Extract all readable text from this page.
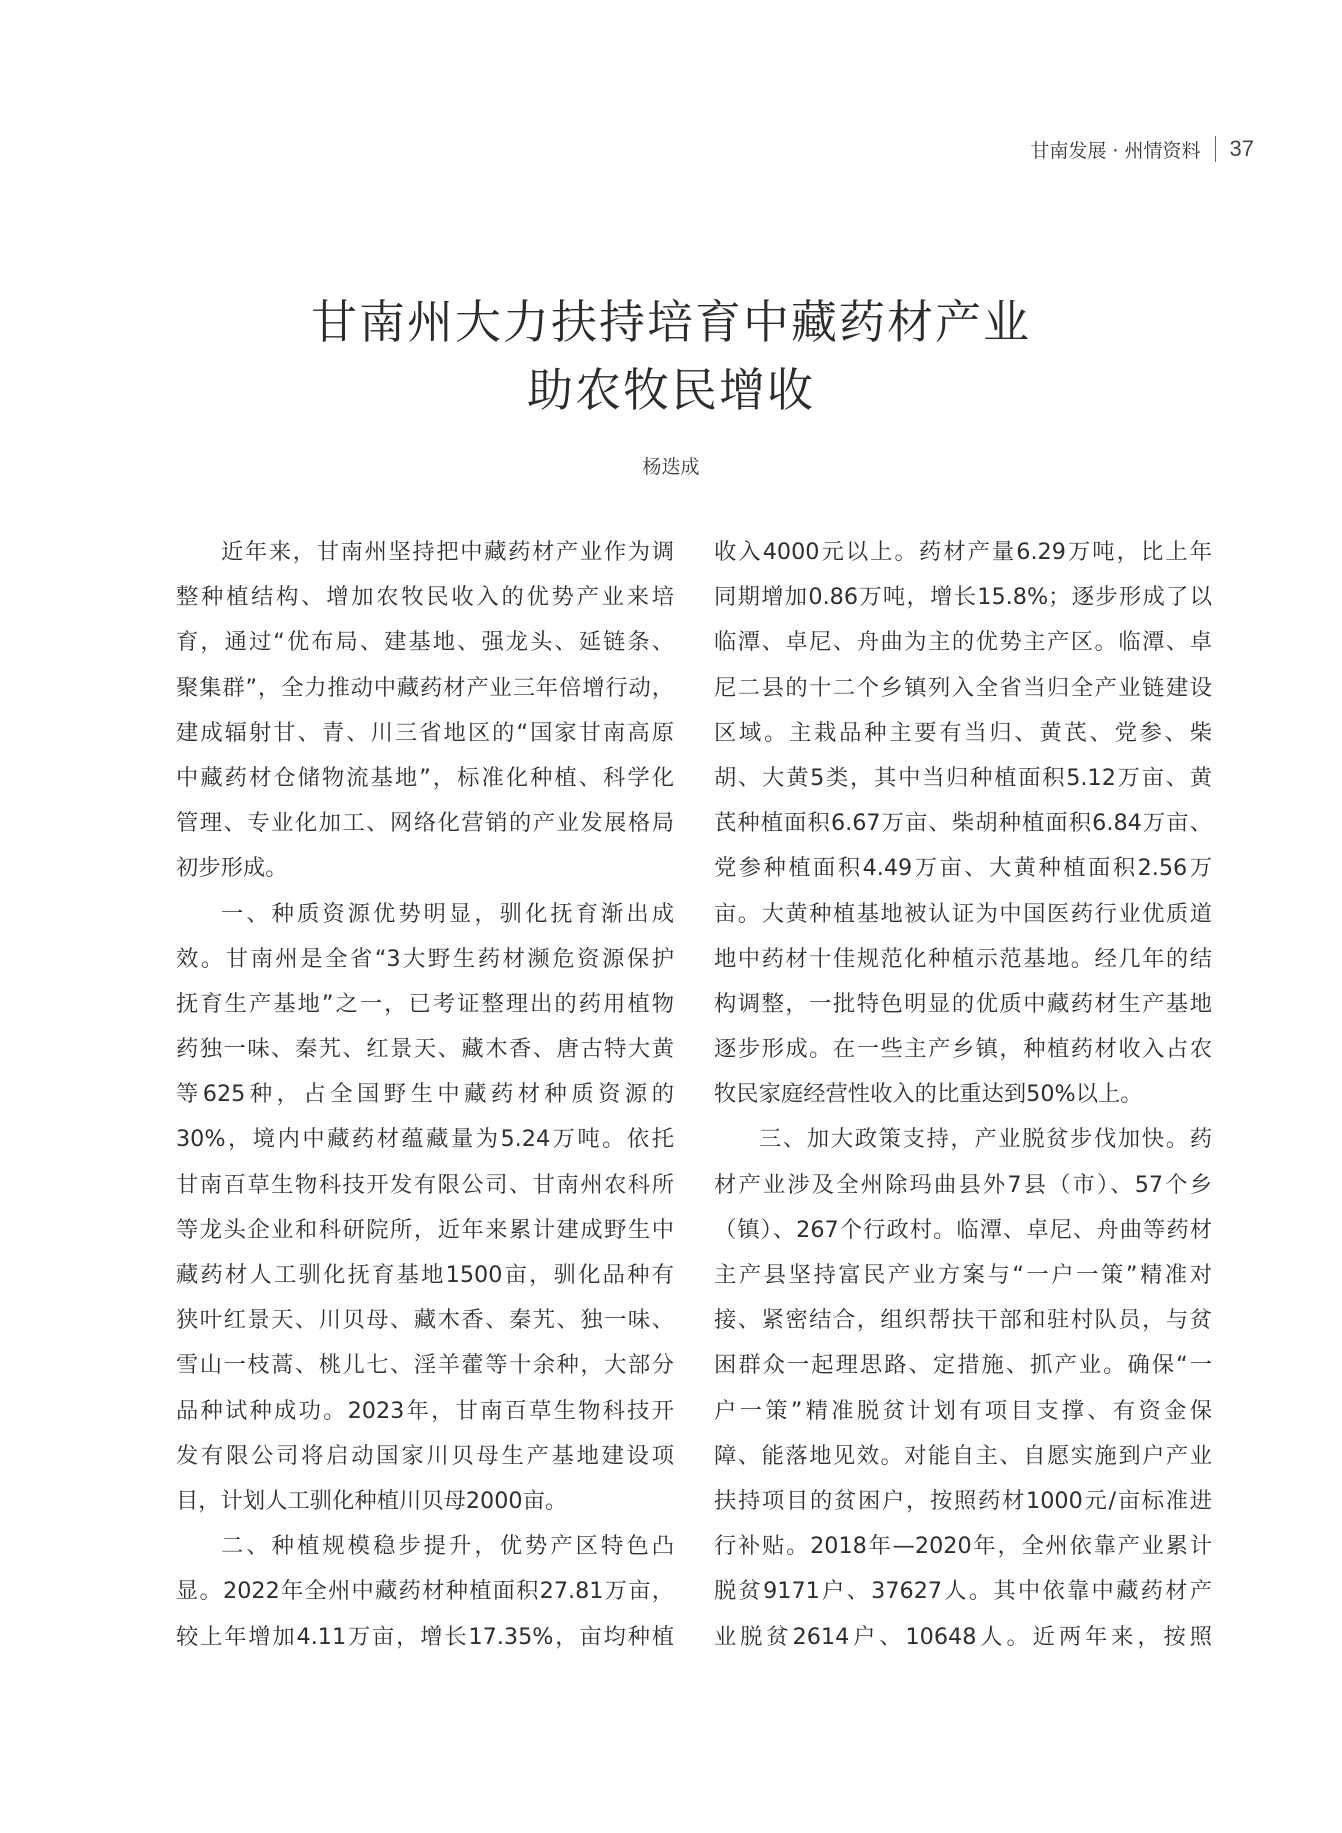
甘南发展 · 州情资料 37
甘南州大力扶持培育中藏药材产业
助农牧民增收
杨迭成
近年来，甘南州坚持把中藏药材产业作为调
整种植结构、增加农牧民收入的优势产业来培
育，通过“优布局、建基地、强龙头、延链条、
聚集群”，全力推动中藏药材产业三年倍增行动，
建成辐射甘、青、川三省地区的“国家甘南高原
中藏药材仓储物流基地”，标准化种植、科学化
管理、专业化加工、网络化营销的产业发展格局
初步形成。
一、种质资源优势明显，驯化抚育渐出成
效。甘南州是全省“3大野生药材濒危资源保护
抚育生产基地”之一，已考证整理出的药用植物
药独一味、秦艽、红景天、藏木香、唐古特大黄
等625种，占全国野生中藏药材种质资源的
30%，境内中藏药材蕴藏量为5.24万吨。依托
甘南百草生物科技开发有限公司、甘南州农科所
等龙头企业和科研院所，近年来累计建成野生中
藏药材人工驯化抚育基地1500亩，驯化品种有
狭叶红景天、川贝母、藏木香、秦艽、独一味、
雪山一枝蒿、桃儿七、淫羊藿等十余种，大部分
品种试种成功。2023年，甘南百草生物科技开
发有限公司将启动国家川贝母生产基地建设项
目，计划人工驯化种植川贝母2000亩。
二、种植规模稳步提升，优势产区特色凸
显。2022年全州中藏药材种植面积27.81万亩，
较上年增加4.11万亩，增长17.35%，亩均种植
收入4000元以上。药材产量6.29万吨，比上年
同期增加0.86万吨，增长15.8%；逐步形成了以
临潭、卓尼、舟曲为主的优势主产区。临潭、卓
尼二县的十二个乡镇列入全省当归全产业链建设
区域。主栽品种主要有当归、黄芪、党参、柴
胡、大黄5类，其中当归种植面积5.12万亩、黄
芪种植面积6.67万亩、柴胡种植面积6.84万亩、
党参种植面积4.49万亩、大黄种植面积2.56万
亩。大黄种植基地被认证为中国医药行业优质道
地中药材十佳规范化种植示范基地。经几年的结
构调整，一批特色明显的优质中藏药材生产基地
逐步形成。在一些主产乡镇，种植药材收入占农
牧民家庭经营性收入的比重达到50%以上。
三、加大政策支持，产业脱贫步伐加快。药
材产业涉及全州除玛曲县外7县（市）、57个乡
（镇）、267个行政村。临潭、卓尼、舟曲等药材
主产县坚持富民产业方案与“一户一策”精准对
接、紧密结合，组织帮扶干部和驻村队员，与贫
困群众一起理思路、定措施、抓产业。确保“一
户一策”精准脱贫计划有项目支撑、有资金保
障、能落地见效。对能自主、自愿实施到户产业
扶持项目的贫困户，按照药材1000元/亩标准进
行补贴。2018年—2020年，全州依靠产业累计
脱贫9171户、37627人。其中依靠中藏药材产
业脱贫2614户、10648人。近两年来，按照
